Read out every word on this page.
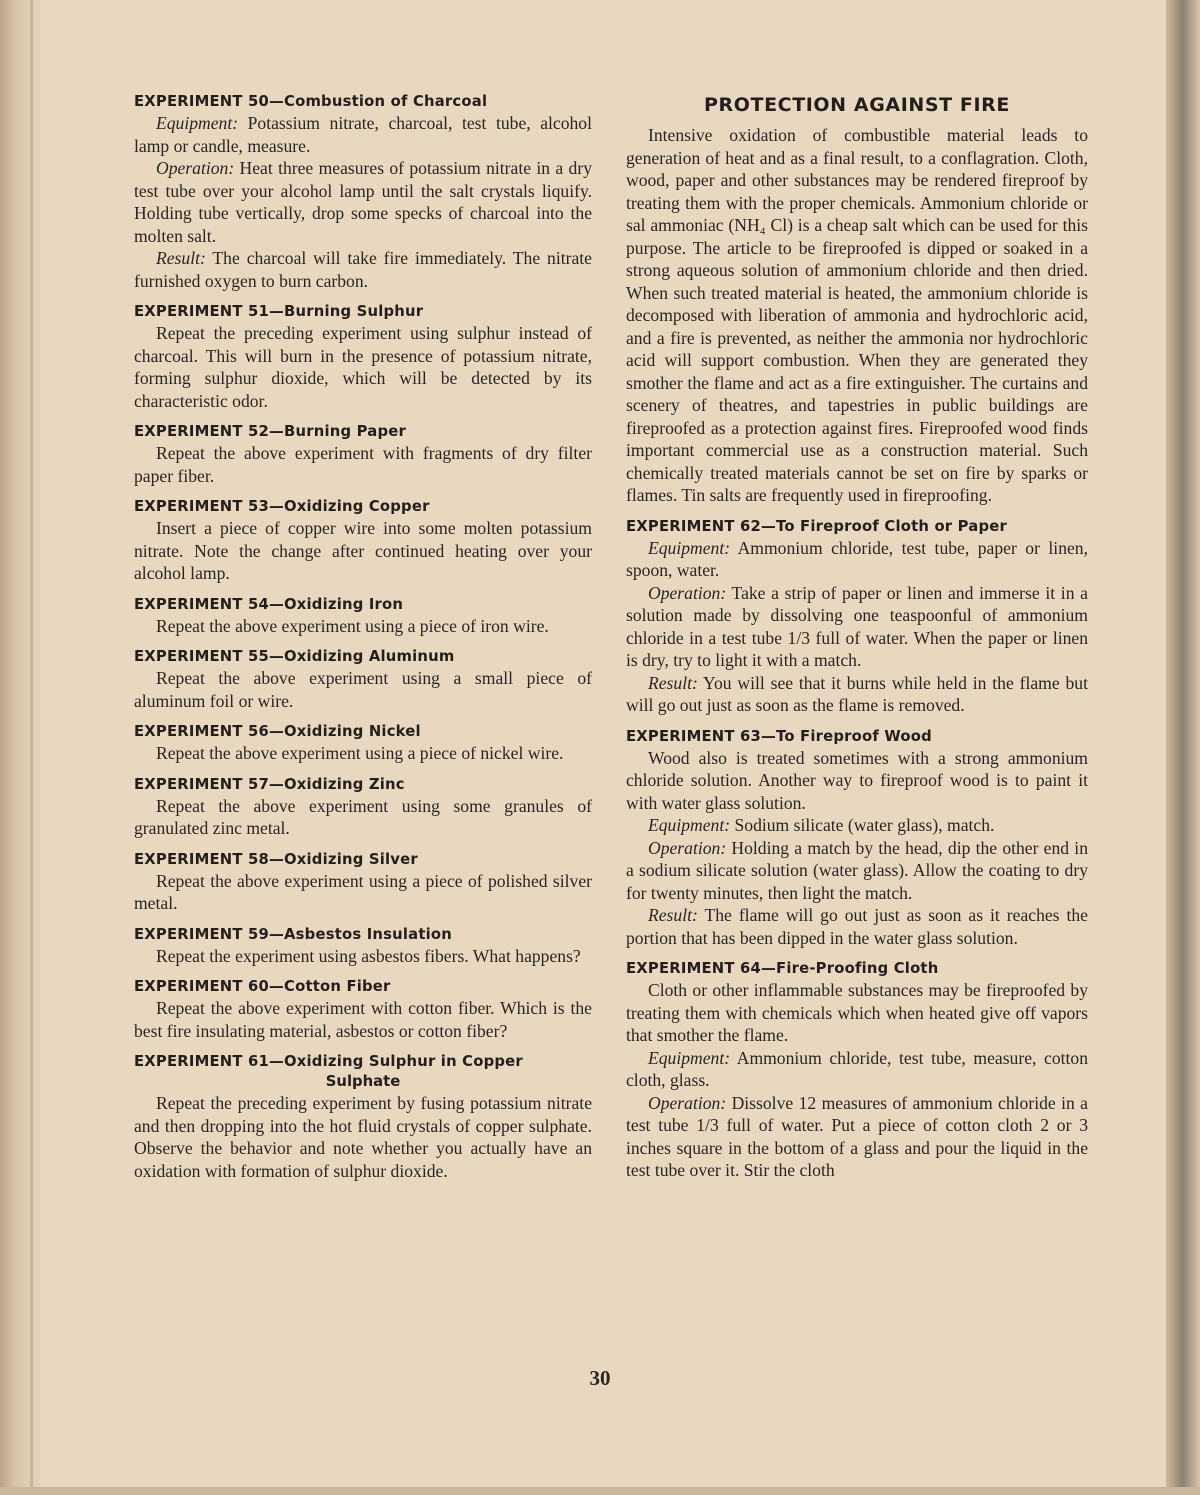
EXPERIMENT 50—Combustion of Charcoal

Equipment: Potassium nitrate, charcoal, test tube, alcohol lamp or candle, measure.

Operation: Heat three measures of potassium nitrate in a dry test tube over your alcohol lamp until the salt crystals liquify. Holding tube vertically, drop some specks of charcoal into the molten salt.

Result: The charcoal will take fire immediately. The nitrate furnished oxygen to burn carbon.

EXPERIMENT 51—Burning Sulphur

Repeat the preceding experiment using sulphur instead of charcoal. This will burn in the presence of potassium nitrate, forming sulphur dioxide, which will be detected by its characteristic odor.

EXPERIMENT 52—Burning Paper

Repeat the above experiment with fragments of dry filter paper fiber.

EXPERIMENT 53—Oxidizing Copper

Insert a piece of copper wire into some molten potassium nitrate. Note the change after continued heating over your alcohol lamp.

EXPERIMENT 54—Oxidizing Iron

Repeat the above experiment using a piece of iron wire.

EXPERIMENT 55—Oxidizing Aluminum

Repeat the above experiment using a small piece of aluminum foil or wire.

EXPERIMENT 56—Oxidizing Nickel

Repeat the above experiment using a piece of nickel wire.

EXPERIMENT 57—Oxidizing Zinc

Repeat the above experiment using some granules of granulated zinc metal.

EXPERIMENT 58—Oxidizing Silver

Repeat the above experiment using a piece of polished silver metal.

EXPERIMENT 59—Asbestos Insulation

Repeat the experiment using asbestos fibers. What happens?

EXPERIMENT 60—Cotton Fiber

Repeat the above experiment with cotton fiber. Which is the best fire insulating material, asbestos or cotton fiber?

EXPERIMENT 61—Oxidizing Sulphur in Copper
Sulphate

Repeat the preceding experiment by fusing potassium nitrate and then dropping into the hot fluid crystals of copper sulphate. Observe the behavior and note whether you actually have an oxidation with formation of sulphur dioxide.

PROTECTION AGAINST FIRE

Intensive oxidation of combustible material leads to generation of heat and as a final result, to a conflagration. Cloth, wood, paper and other substances may be rendered fireproof by treating them with the proper chemicals. Ammonium chloride or sal ammoniac (NH₄ Cl) is a cheap salt which can be used for this purpose. The article to be fireproofed is dipped or soaked in a strong aqueous solution of ammonium chloride and then dried. When such treated material is heated, the ammonium chloride is decomposed with liberation of ammonia and hydrochloric acid, and a fire is prevented, as neither the ammonia nor hydrochloric acid will support combustion. When they are generated they smother the flame and act as a fire extinguisher. The curtains and scenery of theatres, and tapestries in public buildings are fireproofed as a protection against fires. Fireproofed wood finds important commercial use as a construction material. Such chemically treated materials cannot be set on fire by sparks or flames. Tin salts are frequently used in fireproofing.

EXPERIMENT 62—To Fireproof Cloth or Paper

Equipment: Ammonium chloride, test tube, paper or linen, spoon, water.

Operation: Take a strip of paper or linen and immerse it in a solution made by dissolving one teaspoonful of ammonium chloride in a test tube 1/3 full of water. When the paper or linen is dry, try to light it with a match.

Result: You will see that it burns while held in the flame but will go out just as soon as the flame is removed.

EXPERIMENT 63—To Fireproof Wood

Wood also is treated sometimes with a strong ammonium chloride solution. Another way to fireproof wood is to paint it with water glass solution.

Equipment: Sodium silicate (water glass), match.

Operation: Holding a match by the head, dip the other end in a sodium silicate solution (water glass). Allow the coating to dry for twenty minutes, then light the match.

Result: The flame will go out just as soon as it reaches the portion that has been dipped in the water glass solution.

EXPERIMENT 64—Fire-Proofing Cloth

Cloth or other inflammable substances may be fireproofed by treating them with chemicals which when heated give off vapors that smother the flame.

Equipment: Ammonium chloride, test tube, measure, cotton cloth, glass.

Operation: Dissolve 12 measures of ammonium chloride in a test tube 1/3 full of water. Put a piece of cotton cloth 2 or 3 inches square in the bottom of a glass and pour the liquid in the test tube over it. Stir the cloth

30
